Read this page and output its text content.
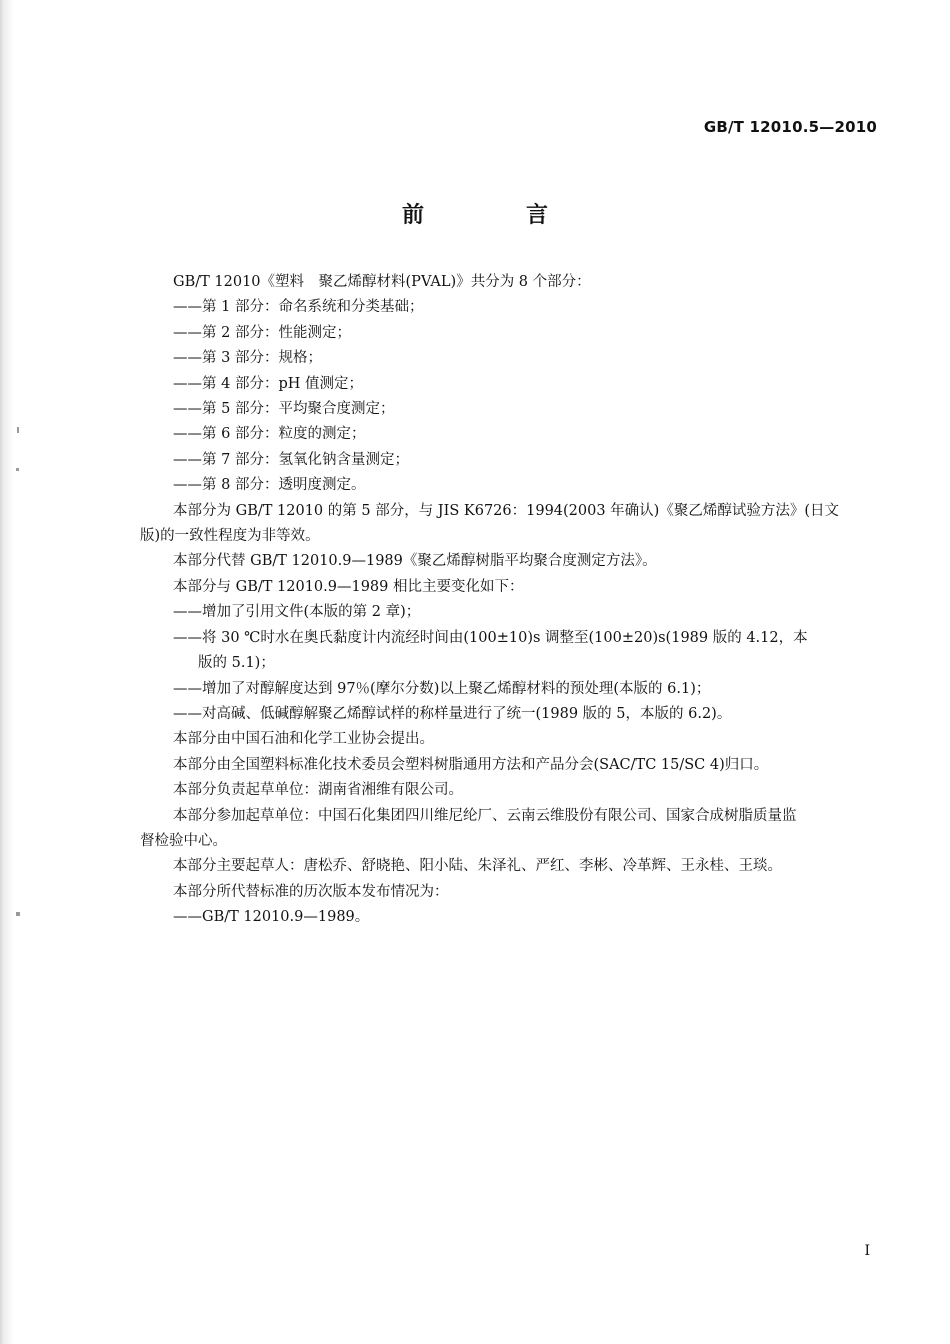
GB/T 12010.5—2010
前　言

GB/T 12010《塑料　聚乙烯醇材料(PVAL)》共分为 8 个部分：

——第 1 部分：命名系统和分类基础；

——第 2 部分：性能测定；

——第 3 部分：规格；

——第 4 部分：pH 值测定；

——第 5 部分：平均聚合度测定；

——第 6 部分：粒度的测定；

——第 7 部分：氢氧化钠含量测定；

——第 8 部分：透明度测定。

本部分为 GB/T 12010 的第 5 部分，与 JIS K6726：1994(2003 年确认)《聚乙烯醇试验方法》(日文

版)的一致性程度为非等效。

本部分代替 GB/T 12010.9—1989《聚乙烯醇树脂平均聚合度测定方法》。

本部分与 GB/T 12010.9—1989 相比主要变化如下：

——增加了引用文件(本版的第 2 章)；

——将 30 ℃时水在奥氏黏度计内流经时间由(100±10)s 调整至(100±20)s(1989 版的 4.12，本

版的 5.1)；

——增加了对醇解度达到 97％(摩尔分数)以上聚乙烯醇材料的预处理(本版的 6.1)；

——对高碱、低碱醇解聚乙烯醇试样的称样量进行了统一(1989 版的 5，本版的 6.2)。

本部分由中国石油和化学工业协会提出。

本部分由全国塑料标准化技术委员会塑料树脂通用方法和产品分会(SAC/TC 15/SC 4)归口。

本部分负责起草单位：湖南省湘维有限公司。

本部分参加起草单位：中国石化集团四川维尼纶厂、云南云维股份有限公司、国家合成树脂质量监

督检验中心。

本部分主要起草人：唐松乔、舒晓艳、阳小陆、朱泽礼、严红、李彬、冷革辉、王永桂、王琰。

本部分所代替标准的历次版本发布情况为：

——GB/T 12010.9—1989。

I
